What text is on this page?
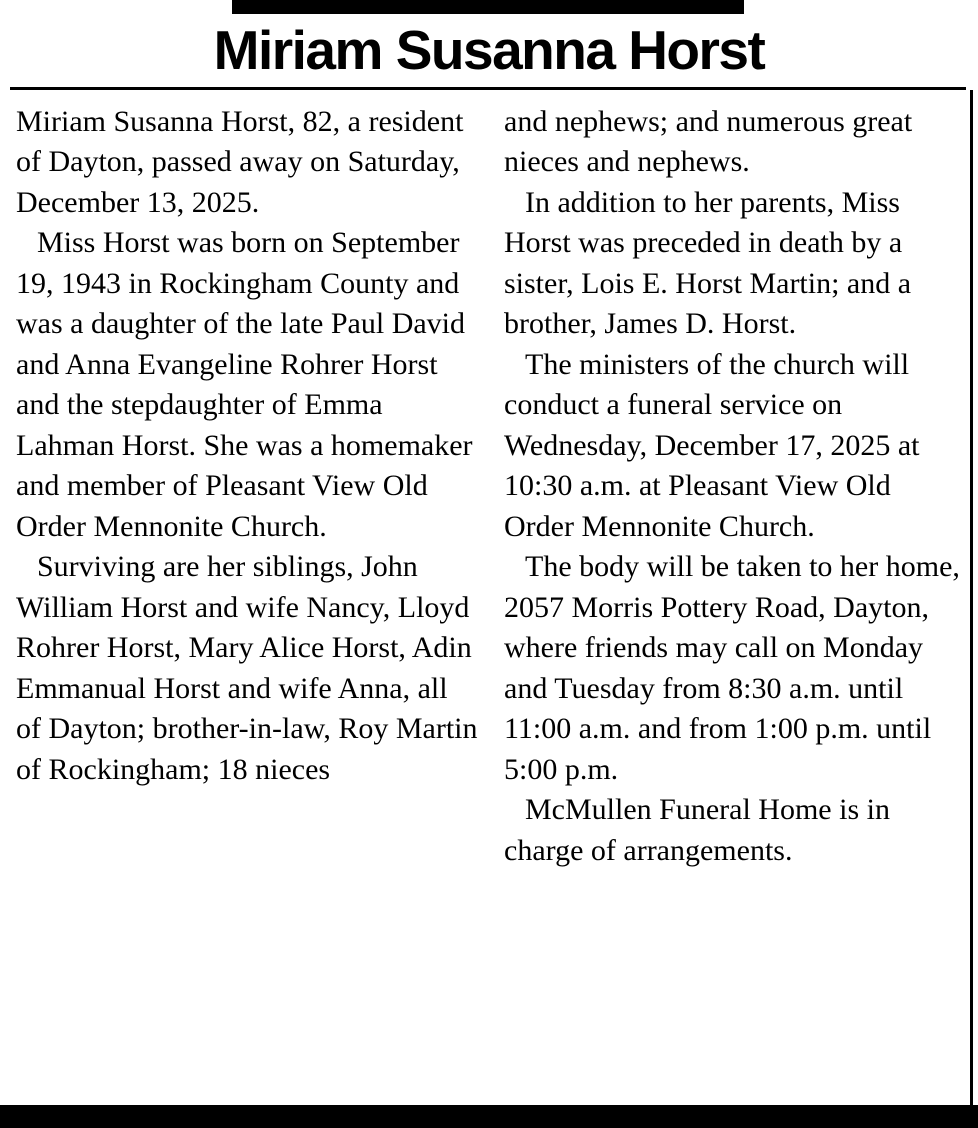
Miriam Susanna Horst

Miriam Susanna Horst, 82, a resident of Dayton, passed away on Saturday, December 13, 2025.

Miss Horst was born on September 19, 1943 in Rockingham County and was a daughter of the late Paul David and Anna Evangeline Rohrer Horst and the stepdaughter of Emma Lahman Horst. She was a homemaker and member of Pleasant View Old Order Mennonite Church.

Surviving are her siblings, John William Horst and wife Nancy, Lloyd Rohrer Horst, Mary Alice Horst, Adin Emmanual Horst and wife Anna, all of Dayton; brother-in-law, Roy Martin of Rockingham; 18 nieces

and nephews; and numerous great nieces and nephews.

In addition to her parents, Miss Horst was preceded in death by a sister, Lois E. Horst Martin; and a brother, James D. Horst.

The ministers of the church will conduct a funeral service on Wednesday, December 17, 2025 at 10:30 a.m. at Pleasant View Old Order Mennonite Church.

The body will be taken to her home, 2057 Morris Pottery Road, Dayton, where friends may call on Monday and Tuesday from 8:30 a.m. until 11:00 a.m. and from 1:00 p.m. until 5:00 p.m.

McMullen Funeral Home is in charge of arrangements.
